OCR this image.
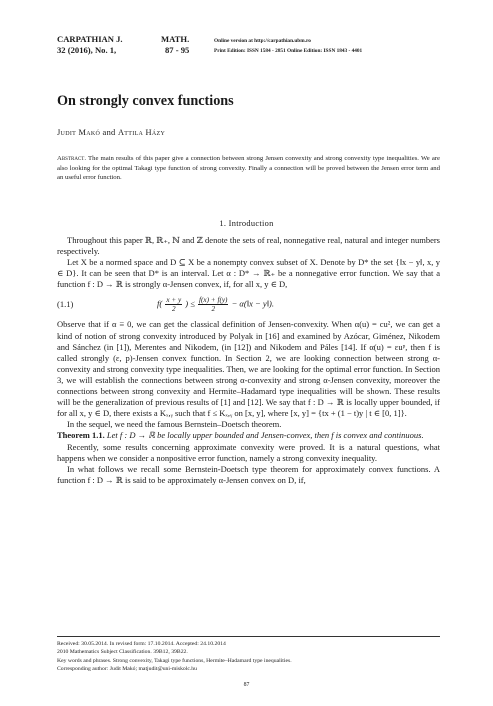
CARPATHIAN J.
32 (2016), No. 1,
MATH.
87 - 95
Online version at http://carpathian.ubm.ro
Print Edition: ISSN 1584 - 2851 Online Edition: ISSN 1843 - 4401
On strongly convex functions
Judit Makó and Attila Házy
Abstract. The main results of this paper give a connection between strong Jensen convexity and strong convexity type inequalities. We are also looking for the optimal Takagi type function of strong convexity. Finally a connection will be proved between the Jensen error term and an useful error function.
1. Introduction

Throughout this paper ℝ, ℝ₊, ℕ and ℤ denote the sets of real, nonnegative real, natural and integer numbers respectively.

Let X be a normed space and D ⊆ X be a nonempty convex subset of X. Denote by D* the set {‖x − y‖, x, y ∈ D}. It can be seen that D* is an interval. Let α : D* → ℝ₊ be a nonnegative error function. We say that a function f : D → ℝ is strongly α-Jensen convex, if, for all x, y ∈ D,

(1.1)	$f( \frac{x + y}{2}$ ) ≤ $\frac{f(x) + f(y)}{2}$ − α(‖x − y‖).

Observe that if α ≡ 0, we can get the classical definition of Jensen-convexity. When α(u) = cu², we can get a kind of notion of strong convexity introduced by Polyak in [16] and examined by Azócar, Giménez, Nikodem and Sánchez (in [1]), Merentes and Nikodem, (in [12]) and Nikodem and Páles [14]. If α(u) = εuᵖ, then f is called strongly (ε, p)-Jensen convex function. In Section 2, we are looking connection between strong α-convexity and strong convexity type inequalities. Then, we are looking for the optimal error function. In Section 3, we will establish the connections between strong α-convexity and strong α-Jensen convexity, moreover the connections between strong convexity and Hermite–Hadamard type inequalities will be shown. These results will be the generalization of previous results of [1] and [12]. We say that f : D → ℝ is locally upper bounded, if for all x, y ∈ D, there exists a Kₓ,ᵧ such that f ≤ Kₓ,ᵧ on [x, y], where [x, y] = {tx + (1 − t)y | t ∈ [0, 1]}.

In the sequel, we need the famous Bernstein–Doetsch theorem.

Theorem 1.1. Let f : D → ℝ be locally upper bounded and Jensen-convex, then f is convex and continuous.

Recently, some results concerning approximate convexity were proved. It is a natural questions, what happens when we consider a nonpositive error function, namely a strong convexity inequality.

In what follows we recall some Bernstein-Doetsch type theorem for approximately convex functions. A function f : D → ℝ is said to be approximately α-Jensen convex on D, if,

Received: 30.05.2014. In revised form: 17.10.2014. Accepted: 24.10.2014
2010 Mathematics Subject Classification. 39B12, 39B22.
Key words and phrases. Strong convexity, Takagi type functions, Hermite–Hadamard type inequalities.
Corresponding author: Judit Makó; matjudit@uni-miskolc.hu
87
